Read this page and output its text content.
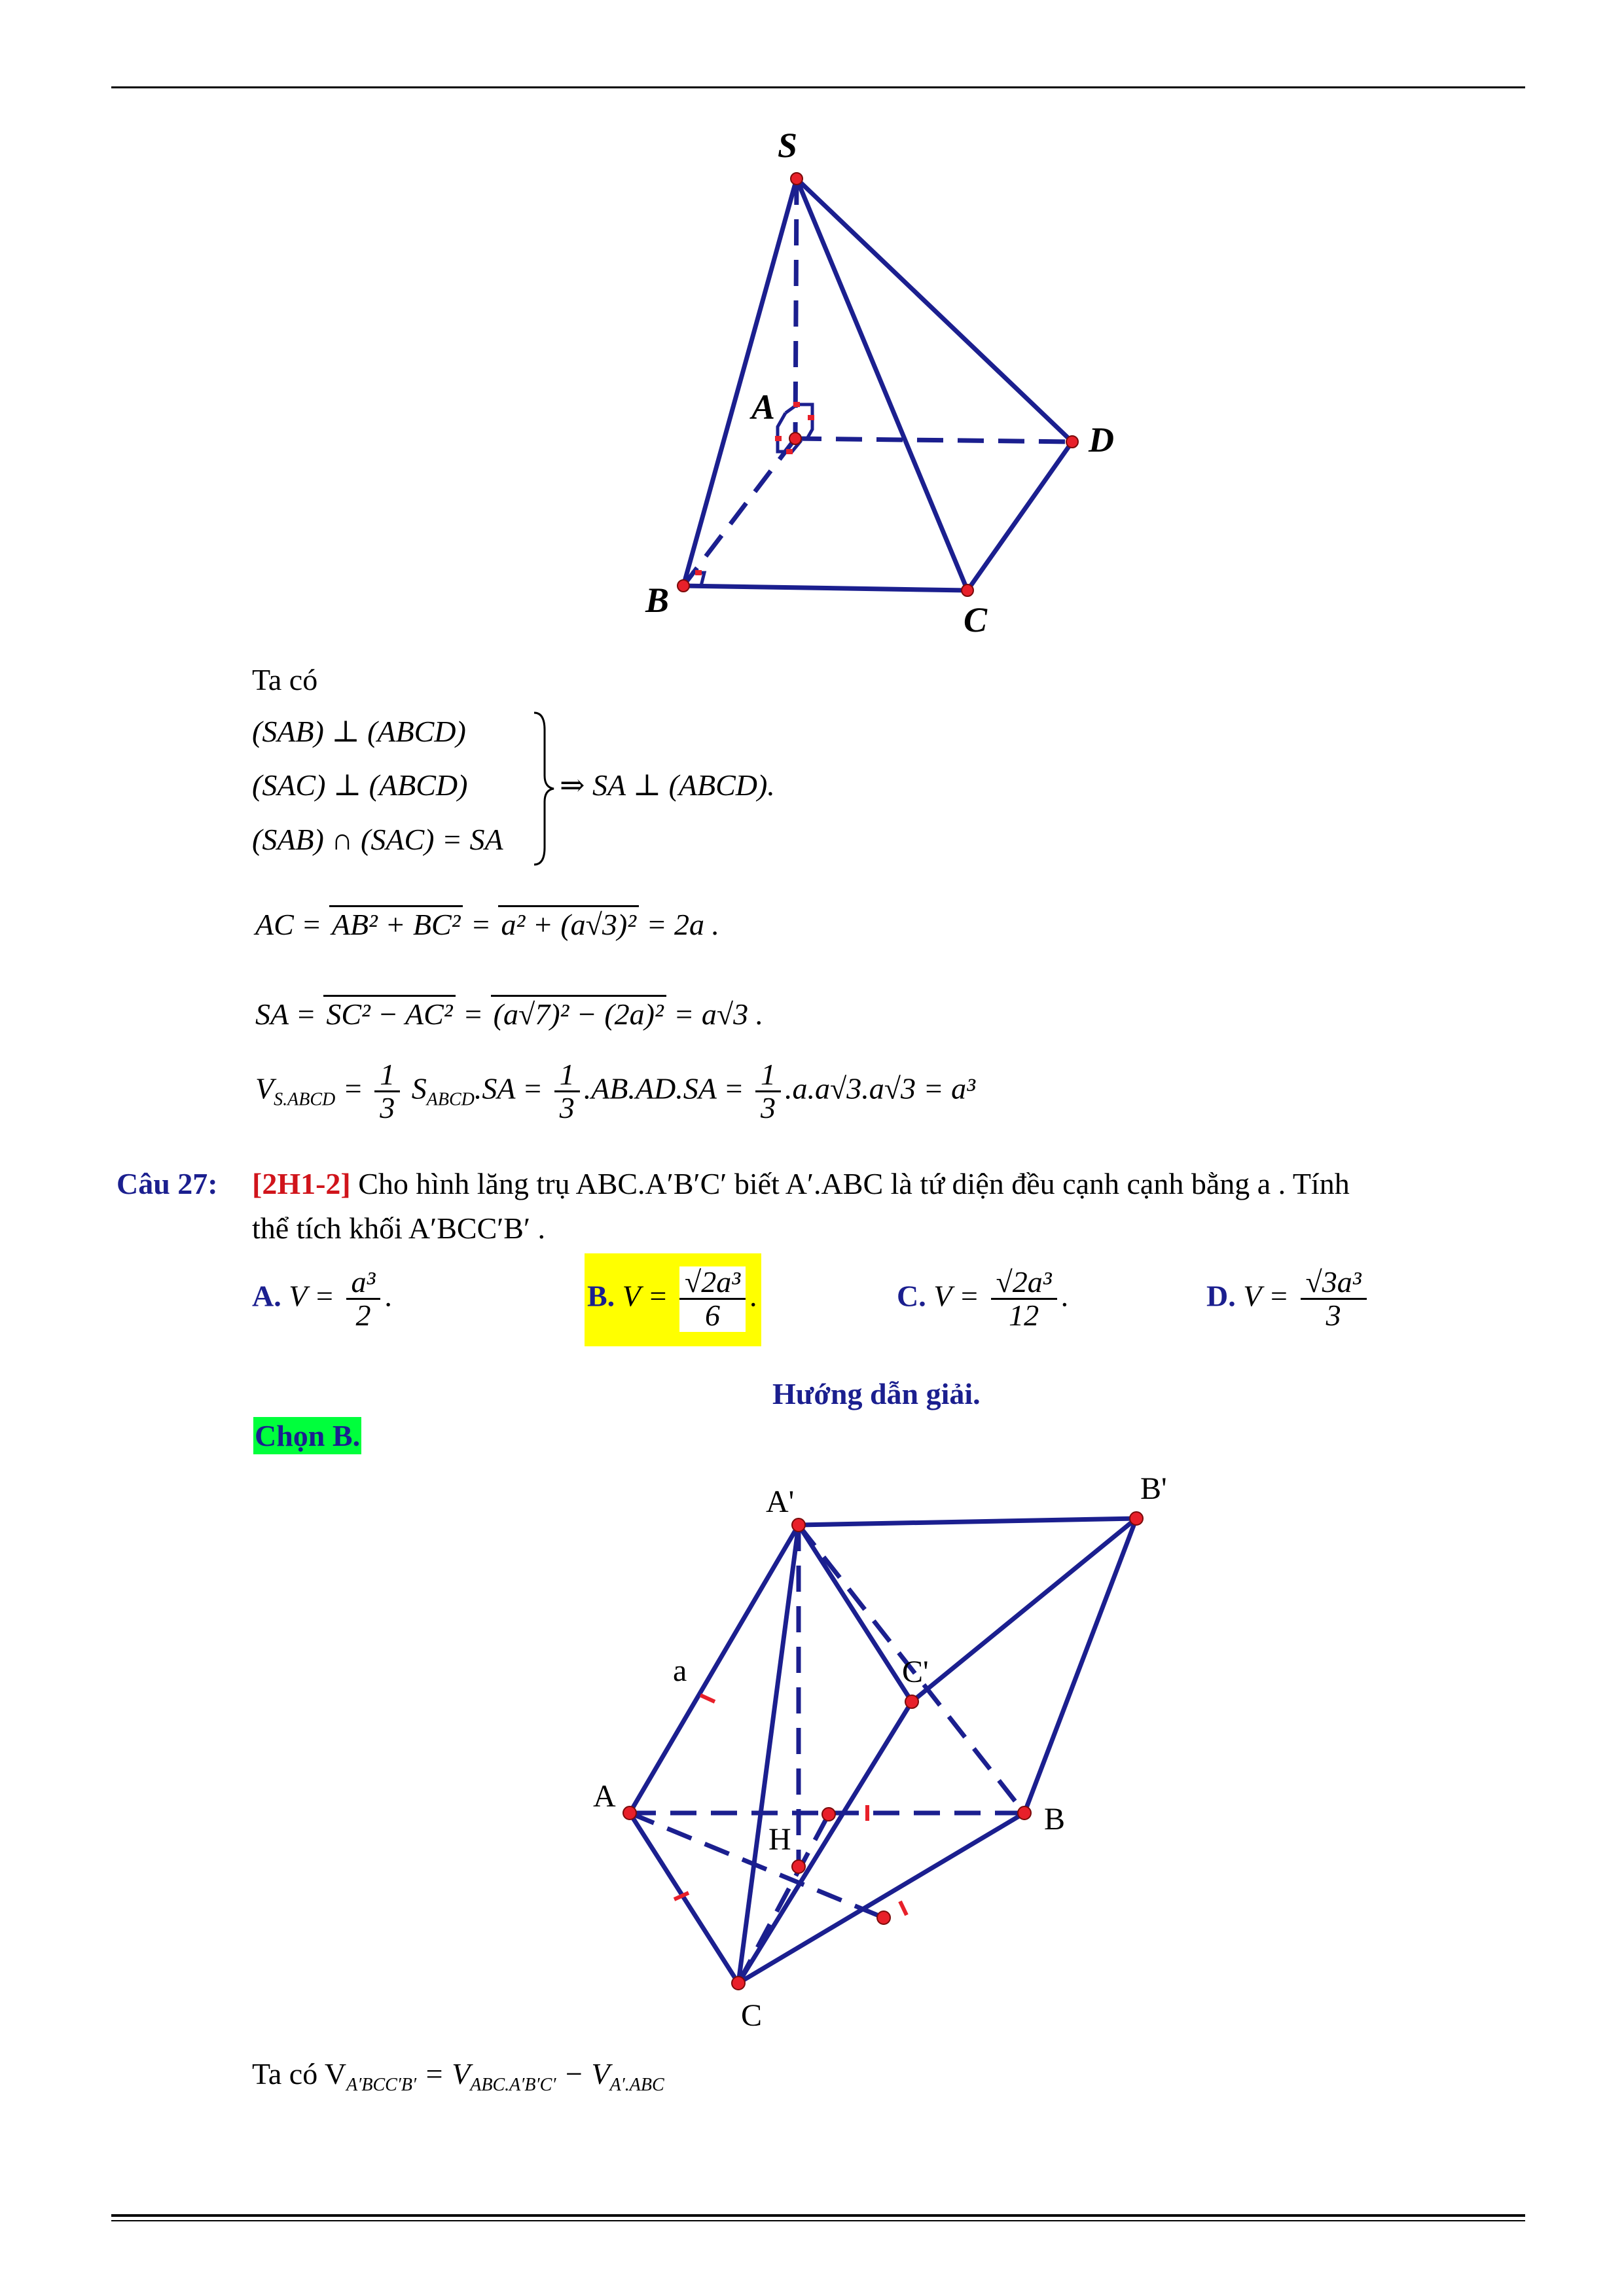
S
A
D
B	C
Ta có
(SAB) ⊥ (ABCD)
(SAC) ⊥ (ABCD)
(SAB) ∩ (SAC) = SA
⇒ SA ⊥ (ABCD).
AC = AB² + BC² = a² + (a√3)² = 2a .
SA = SC² − AC² = (a√7)² − (2a)² = a√3 .
$V_{S.ABCD} = \frac{1}{3} S_{ABCD}.SA = \frac{1}{3} .AB.AD.SA = \frac{1}{3} .a.a√3.a√3 = a^3$
Câu 27: [2H1-2] Cho hình lăng trụ ABC.A′B′C′ biết A′.ABC là tứ diện đều cạnh cạnh bằng a . Tính
thể tích khối A′BCC′B′ .
A. $V = \frac{\text{a³}}{2}$ .	B. $V = \frac{\text{√2a³}}{6}$ .	C. $V = \frac{\text{√2a³}}{12}$ .	D. $V = \frac{\text{√3a³}}{3}$
Hướng dẫn giải.
Chọn B.
A'	B'
C'
a
A
B
H
C
Ta có $V_{A'BCC'B'} = V_{ABC.A'B'C'} - V_{A'.ABC}$
